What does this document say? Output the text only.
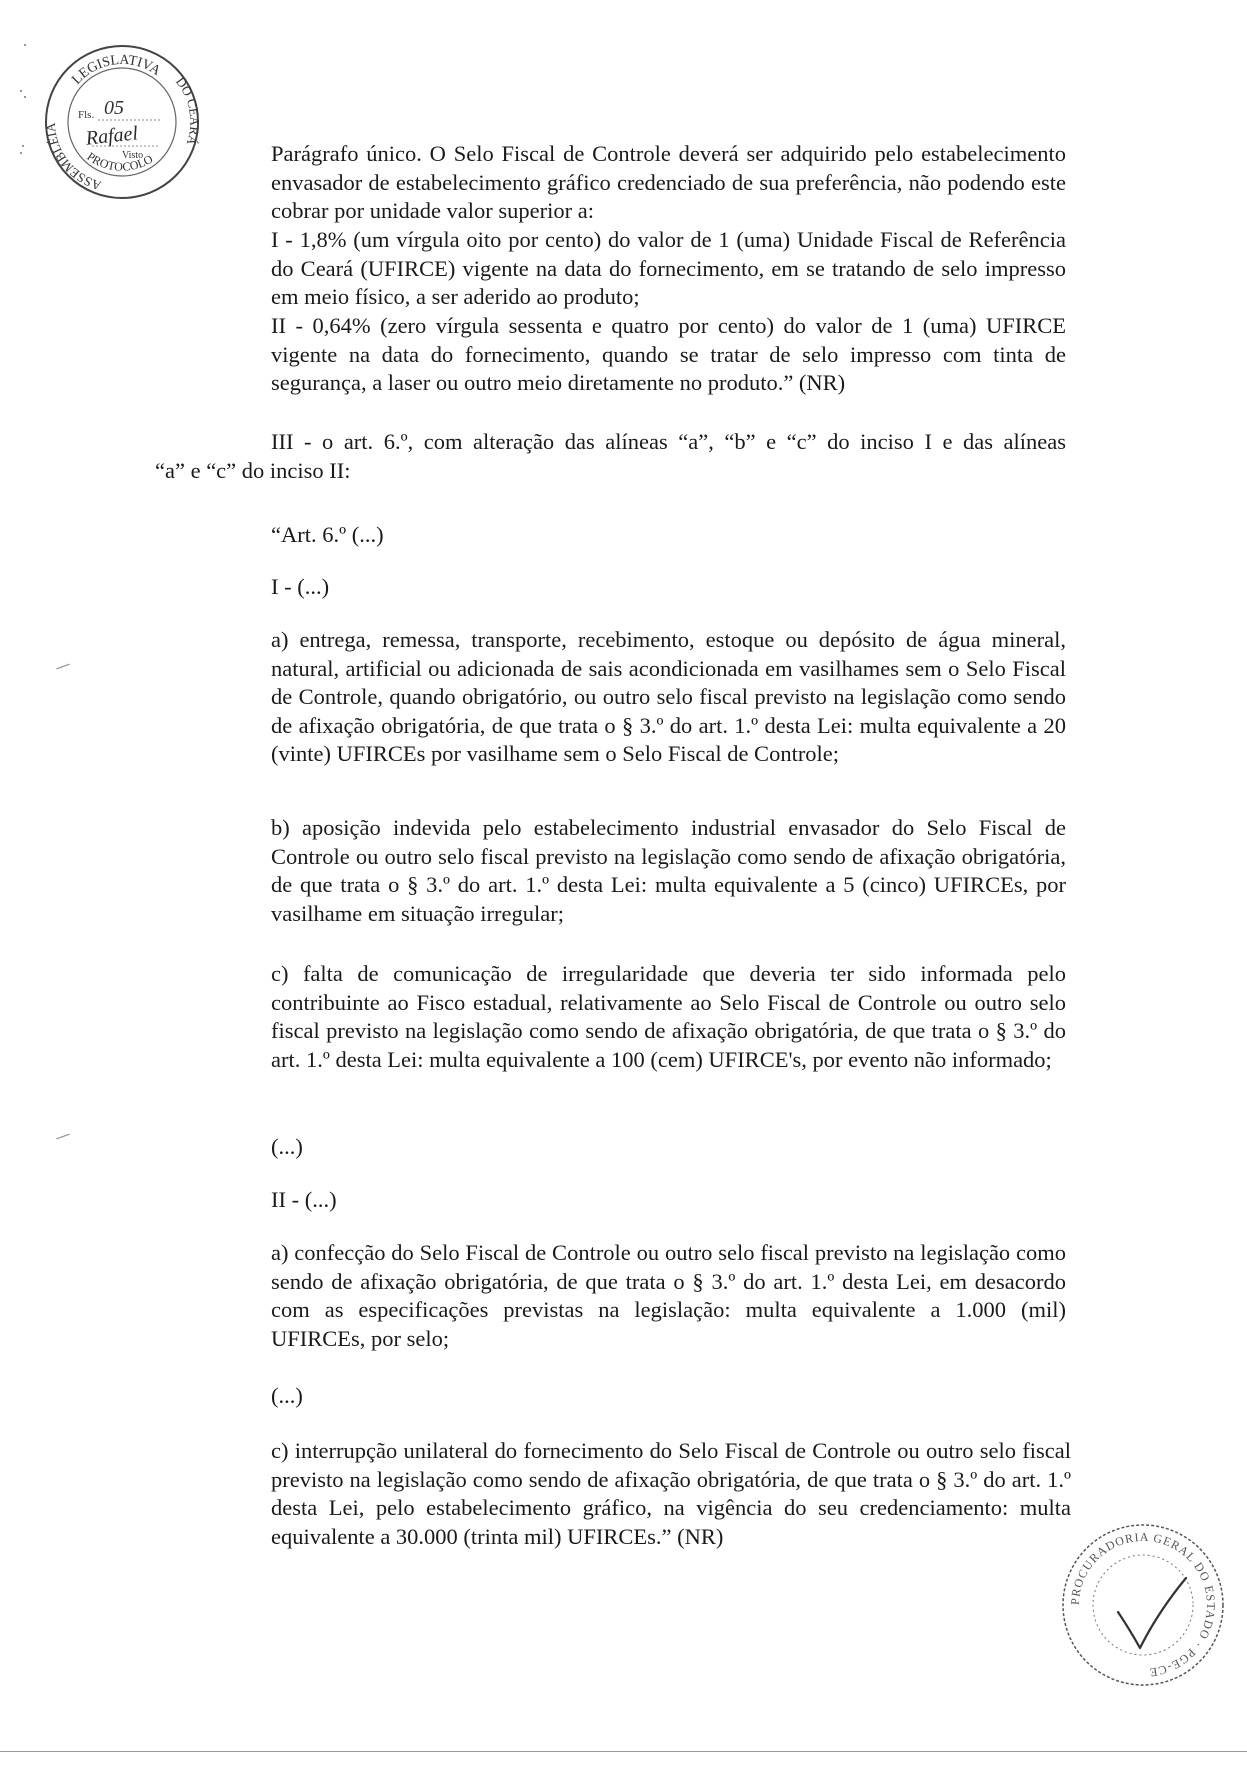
LEGISLATIVA
ASSEMBLÉIA
DO CEARÁ
PROTOCOLO
Fls. 05
Rafael
Visto	Parágrafo único. O Selo Fiscal de Controle deverá ser adquirido pelo estabelecimento envasador de estabelecimento gráfico credenciado de sua preferência, não podendo este cobrar por unidade valor superior a:

I - 1,8% (um vírgula oito por cento) do valor de 1 (uma) Unidade Fiscal de Referência do Ceará (UFIRCE) vigente na data do fornecimento, em se tratando de selo impresso em meio físico, a ser aderido ao produto;

II - 0,64% (zero vírgula sessenta e quatro por cento) do valor de 1 (uma) UFIRCE vigente na data do fornecimento, quando se tratar de selo impresso com tinta de segurança, a laser ou outro meio diretamente no produto.” (NR)

III - o art. 6.º, com alteração das alíneas “a”, “b” e “c” do inciso I e das alíneas

“a” e “c” do inciso II:

“Art. 6.º (...)

I - (...)

a) entrega, remessa, transporte, recebimento, estoque ou depósito de água mineral, natural, artificial ou adicionada de sais acondicionada em vasilhames sem o Selo Fiscal de Controle, quando obrigatório, ou outro selo fiscal previsto na legislação como sendo de afixação obrigatória, de que trata o § 3.º do art. 1.º desta Lei: multa equivalente a 20 (vinte) UFIRCEs por vasilhame sem o Selo Fiscal de Controle;

b) aposição indevida pelo estabelecimento industrial envasador do Selo Fiscal de Controle ou outro selo fiscal previsto na legislação como sendo de afixação obrigatória, de que trata o § 3.º do art. 1.º desta Lei: multa equivalente a 5 (cinco) UFIRCEs, por vasilhame em situação irregular;

c) falta de comunicação de irregularidade que deveria ter sido informada pelo contribuinte ao Fisco estadual, relativamente ao Selo Fiscal de Controle ou outro selo fiscal previsto na legislação como sendo de afixação obrigatória, de que trata o § 3.º do art. 1.º desta Lei: multa equivalente a 100 (cem) UFIRCE's, por evento não informado;

(...)

II - (...)

a) confecção do Selo Fiscal de Controle ou outro selo fiscal previsto na legislação como sendo de afixação obrigatória, de que trata o § 3.º do art. 1.º desta Lei, em desacordo com as especificações previstas na legislação: multa equivalente a 1.000 (mil) UFIRCEs, por selo;

(...)

c) interrupção unilateral do fornecimento do Selo Fiscal de Controle ou outro selo fiscal previsto na legislação como sendo de afixação obrigatória, de que trata o § 3.º do art. 1.º desta Lei, pelo estabelecimento gráfico, na vigência do seu credenciamento: multa equivalente a 30.000 (trinta mil) UFIRCEs.” (NR)

PROCURADORIA GERAL DO ESTADO · PGE-CE
